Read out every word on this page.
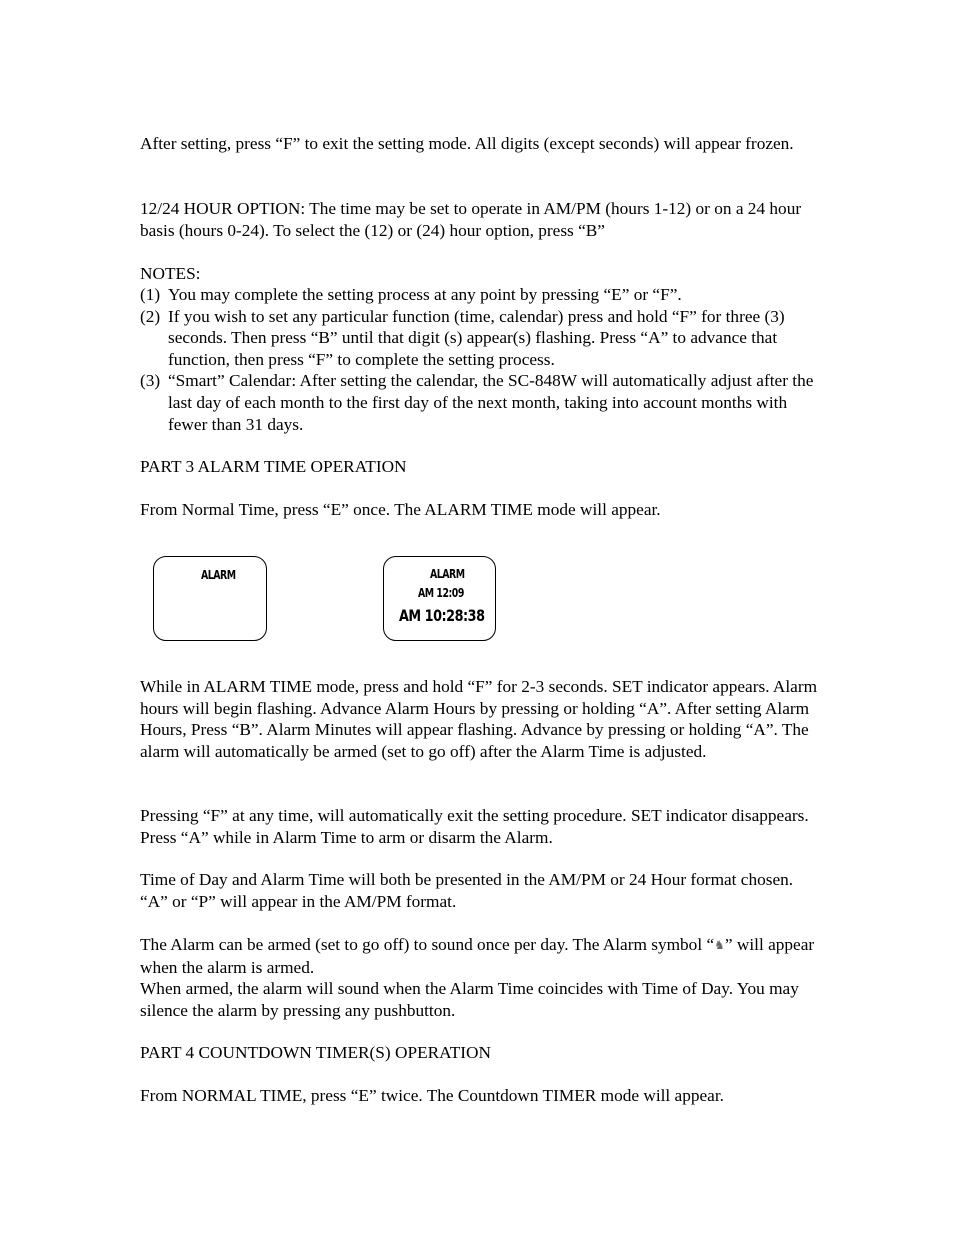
After setting, press “F” to exit the setting mode. All digits (except seconds) will appear frozen.

12/24 HOUR OPTION: The time may be set to operate in AM/PM (hours 1-12) or on a 24 hour basis (hours 0-24). To select the (12) or (24) hour option, press “B”

NOTES:

(1) You may complete the setting process at any point by pressing “E” or “F”.
(2) If you wish to set any particular function (time, calendar) press and hold “F” for three (3) seconds. Then press “B” until that digit (s) appear(s) flashing. Press “A” to advance that function, then press “F” to complete the setting process.
(3) “Smart” Calendar: After setting the calendar, the SC-848W will automatically adjust after the last day of each month to the first day of the next month, taking into account months with fewer than 31 days.

PART 3 ALARM TIME OPERATION

From Normal Time, press “E” once. The ALARM TIME mode will appear.

ALARM	ALARM
AM 12:09
AM 10:28:38

While in ALARM TIME mode, press and hold “F” for 2-3 seconds. SET indicator appears. Alarm hours will begin flashing. Advance Alarm Hours by pressing or holding “A”. After setting Alarm Hours, Press “B”. Alarm Minutes will appear flashing. Advance by pressing or holding “A”. The alarm will automatically be armed (set to go off) after the Alarm Time is adjusted.

Pressing “F” at any time, will automatically exit the setting procedure. SET indicator disappears. Press “A” while in Alarm Time to arm or disarm the Alarm.

Time of Day and Alarm Time will both be presented in the AM/PM or 24 Hour format chosen. “A” or “P” will appear in the AM/PM format.

The Alarm can be armed (set to go off) to sound once per day. The Alarm symbol “♞” will appear when the alarm is armed.

When armed, the alarm will sound when the Alarm Time coincides with Time of Day. You may silence the alarm by pressing any pushbutton.

PART 4 COUNTDOWN TIMER(S) OPERATION

From NORMAL TIME, press “E” twice. The Countdown TIMER mode will appear.
